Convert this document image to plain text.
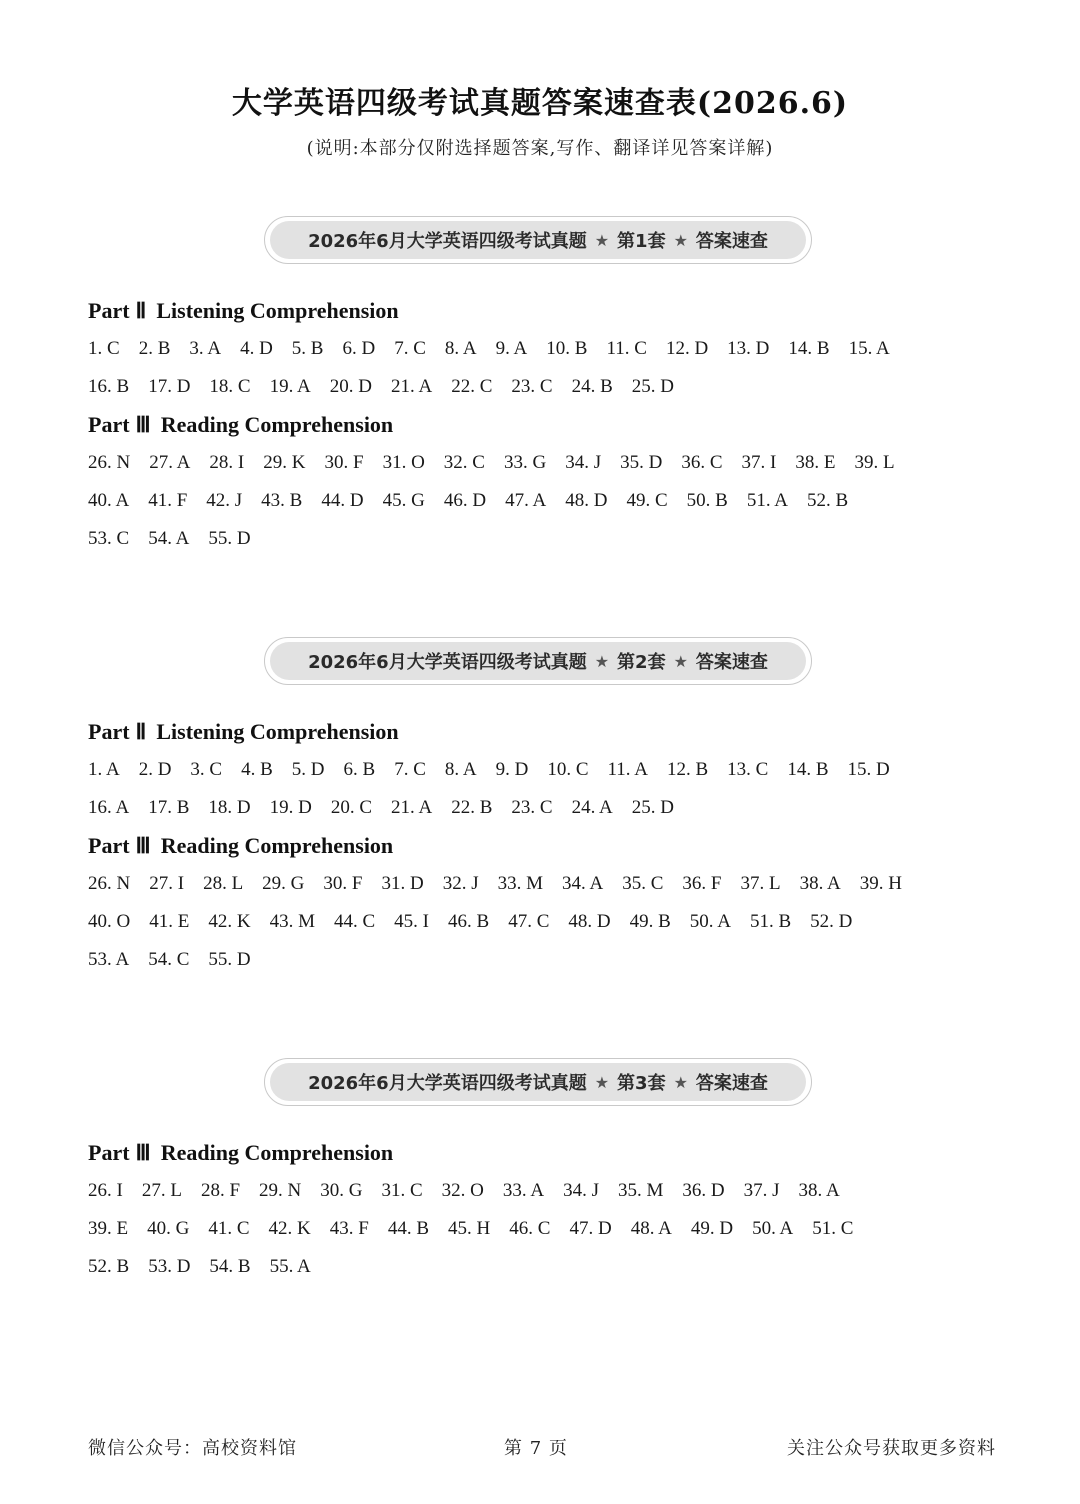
大学英语四级考试真题答案速查表(2026.6)
(说明:本部分仅附选择题答案,写作、翻译详见答案详解)
2026年6月大学英语四级考试真题 ★ 第1套 ★ 答案速查
Part Ⅱ Listening Comprehension
1. C 2. B 3. A 4. D 5. B 6. D 7. C 8. A 9. A 10. B 11. C 12. D 13. D 14. B 15. A
16. B 17. D 18. C 19. A 20. D 21. A 22. C 23. C 24. B 25. D
Part Ⅲ Reading Comprehension
26. N 27. A 28. I 29. K 30. F 31. O 32. C 33. G 34. J 35. D 36. C 37. I 38. E 39. L
40. A 41. F 42. J 43. B 44. D 45. G 46. D 47. A 48. D 49. C 50. B 51. A 52. B
53. C 54. A 55. D
2026年6月大学英语四级考试真题 ★ 第2套 ★ 答案速查
Part Ⅱ Listening Comprehension
1. A 2. D 3. C 4. B 5. D 6. B 7. C 8. A 9. D 10. C 11. A 12. B 13. C 14. B 15. D
16. A 17. B 18. D 19. D 20. C 21. A 22. B 23. C 24. A 25. D
Part Ⅲ Reading Comprehension
26. N 27. I 28. L 29. G 30. F 31. D 32. J 33. M 34. A 35. C 36. F 37. L 38. A 39. H
40. O 41. E 42. K 43. M 44. C 45. I 46. B 47. C 48. D 49. B 50. A 51. B 52. D
53. A 54. C 55. D
2026年6月大学英语四级考试真题 ★ 第3套 ★ 答案速查
Part Ⅲ Reading Comprehension
26. I 27. L 28. F 29. N 30. G 31. C 32. O 33. A 34. J 35. M 36. D 37. J 38. A
39. E 40. G 41. C 42. K 43. F 44. B 45. H 46. C 47. D 48. A 49. D 50. A 51. C
52. B 53. D 54. B 55. A
微信公众号：高校资料馆	第 7 页	关注公众号获取更多资料
